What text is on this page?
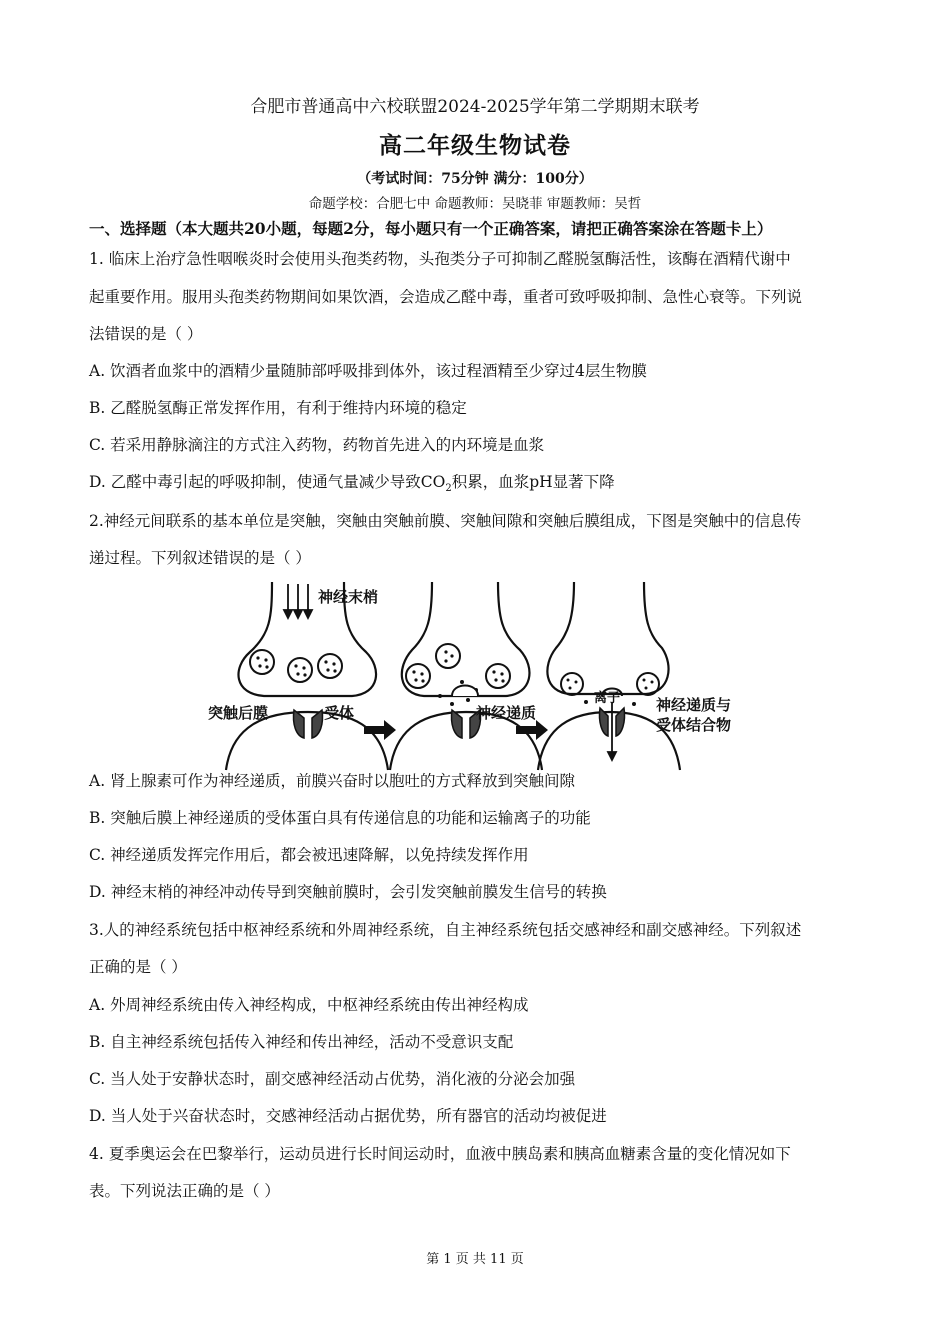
合肥市普通高中六校联盟2024-2025学年第二学期期末联考
高二年级生物试卷
（考试时间：75分钟 满分：100分）
命题学校：合肥七中 命题教师：吴晓菲 审题教师：吴哲
一、选择题（本大题共20小题，每题2分，每小题只有一个正确答案，请把正确答案涂在答题卡上）
1. 临床上治疗急性咽喉炎时会使用头孢类药物，头孢类分子可抑制乙醛脱氢酶活性，该酶在酒精代谢中
起重要作用。服用头孢类药物期间如果饮酒，会造成乙醛中毒，重者可致呼吸抑制、急性心衰等。下列说
法错误的是（ ）
A. 饮酒者血浆中的酒精少量随肺部呼吸排到体外，该过程酒精至少穿过4层生物膜
B. 乙醛脱氢酶正常发挥作用，有利于维持内环境的稳定
C. 若采用静脉滴注的方式注入药物，药物首先进入的内环境是血浆
D. 乙醛中毒引起的呼吸抑制，使通气量减少导致$CO_2$积累，血浆pH显著下降
2.神经元间联系的基本单位是突触，突触由突触前膜、突触间隙和突触后膜组成，下图是突触中的信息传
递过程。下列叙述错误的是（ ）
神经末梢
突触后膜	受体	神经递质
离子 神经递质与
受体结合物
A. 肾上腺素可作为神经递质，前膜兴奋时以胞吐的方式释放到突触间隙
B. 突触后膜上神经递质的受体蛋白具有传递信息的功能和运输离子的功能
C. 神经递质发挥完作用后，都会被迅速降解，以免持续发挥作用
D. 神经末梢的神经冲动传导到突触前膜时，会引发突触前膜发生信号的转换
3.人的神经系统包括中枢神经系统和外周神经系统，自主神经系统包括交感神经和副交感神经。下列叙述
正确的是（ ）
A. 外周神经系统由传入神经构成，中枢神经系统由传出神经构成
B. 自主神经系统包括传入神经和传出神经，活动不受意识支配
C. 当人处于安静状态时，副交感神经活动占优势，消化液的分泌会加强
D. 当人处于兴奋状态时，交感神经活动占据优势，所有器官的活动均被促进
4. 夏季奥运会在巴黎举行，运动员进行长时间运动时，血液中胰岛素和胰高血糖素含量的变化情况如下
表。下列说法正确的是（ ）
第 1 页 共 11 页
